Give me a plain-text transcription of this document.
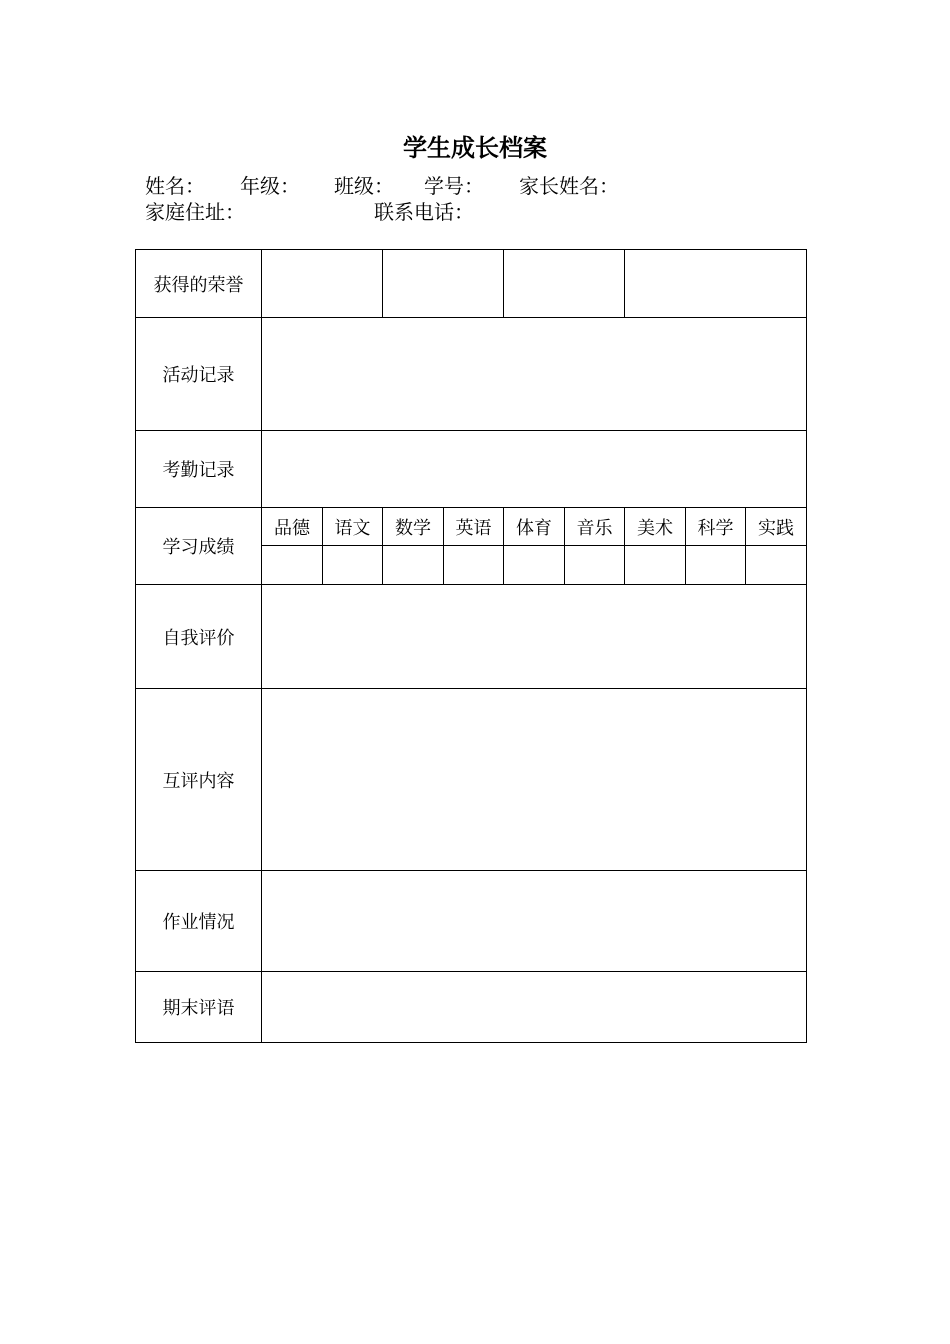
学生成长档案
姓名： 年级： 班级： 学号： 家长姓名：
家庭住址：	联系电话：
获得的荣誉									
活动记录									
考勤记录									
学习成绩	品德	语文	数学	英语	体育	音乐	美术	科学	实践

自我评价									
互评内容									
作业情况									
期末评语									
